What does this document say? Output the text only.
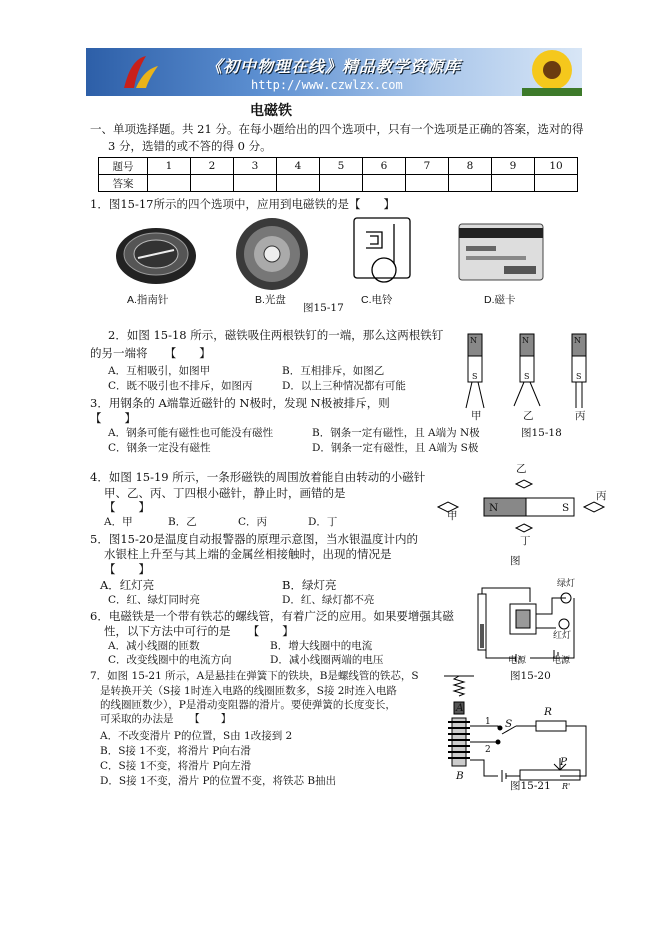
《初中物理在线》精品教学资源库
http://www.czwlzx.com
电磁铁
一、单项选择题。共 21 分。在每小题给出的四个选项中，只有一个选项是正确的答案，选对的得
3 分，选错的或不答的得 0 分。
题号	1	2	3	4	5	6	7	8	9	10
答案										
1．图15-17所示的四个选项中，应用到电磁铁的是【　　】
A.指南针	B.光盘	C.电铃	D.磁卡
图15-17
2．如图 15-18 所示，磁铁吸住两根铁钉的一端，那么这两根铁钉
的另一端将　　【　　】
A．互相吸引，如图甲	B．互相排斥，如图乙
C．既不吸引也不排斥，如图丙	D．以上三种情况都有可能
N	N	N
S	S	S
甲	乙	丙
图15-18
3．用钢条的 A端靠近磁针的 N极时，发现 N极被排斥，则
【　　】
A．钢条可能有磁性也可能没有磁性	B．钢条一定有磁性，且 A端为 N极
C．钢条一定没有磁性	D．钢条一定有磁性，且 A端为 S极
4．如图 15-19 所示，一条形磁铁的周围放着能自由转动的小磁针
甲、乙、丙、丁四根小磁针，静止时，画错的是
【　　】
A．甲	B．乙	C．丙	D．丁
乙
丙
甲
丁
N	S
图
5．图15-20是温度自动报警器的原理示意图，当水银温度计内的
水银柱上升至与其上端的金属丝相接触时，出现的情况是
【　　】
A．红灯亮	B．绿灯亮
C．红、绿灯同时亮	D．红、绿灯都不亮
绿灯
红灯
电源	电源
图15-20
6．电磁铁是一个带有铁芯的螺线管，有着广泛的应用。如果要增强其磁
性，以下方法中可行的是　　【　　】
A．减小线圈的匝数	B．增大线圈中的电流
C．改变线圈中的电流方向	D．减小线圈两端的电压
7．如图 15-21 所示，A是悬挂在弹簧下的铁块，B是螺线管的铁芯，S
是转换开关（S接 1时连入电路的线圈匝数多，S接 2时连入电路
的线圈匝数少），P是滑动变阻器的滑片。要使弹簧的长度变长，
可采取的办法是　　【　　】
A．不改变滑片 P的位置，S由 1改接到 2
B．S接 1不变，将滑片 P向右滑
C．S接 1不变，将滑片 P向左滑
D．S接 1不变，滑片 P的位置不变，将铁芯 B抽出
A
B
S
R
P
R'
1
2
图15-21
